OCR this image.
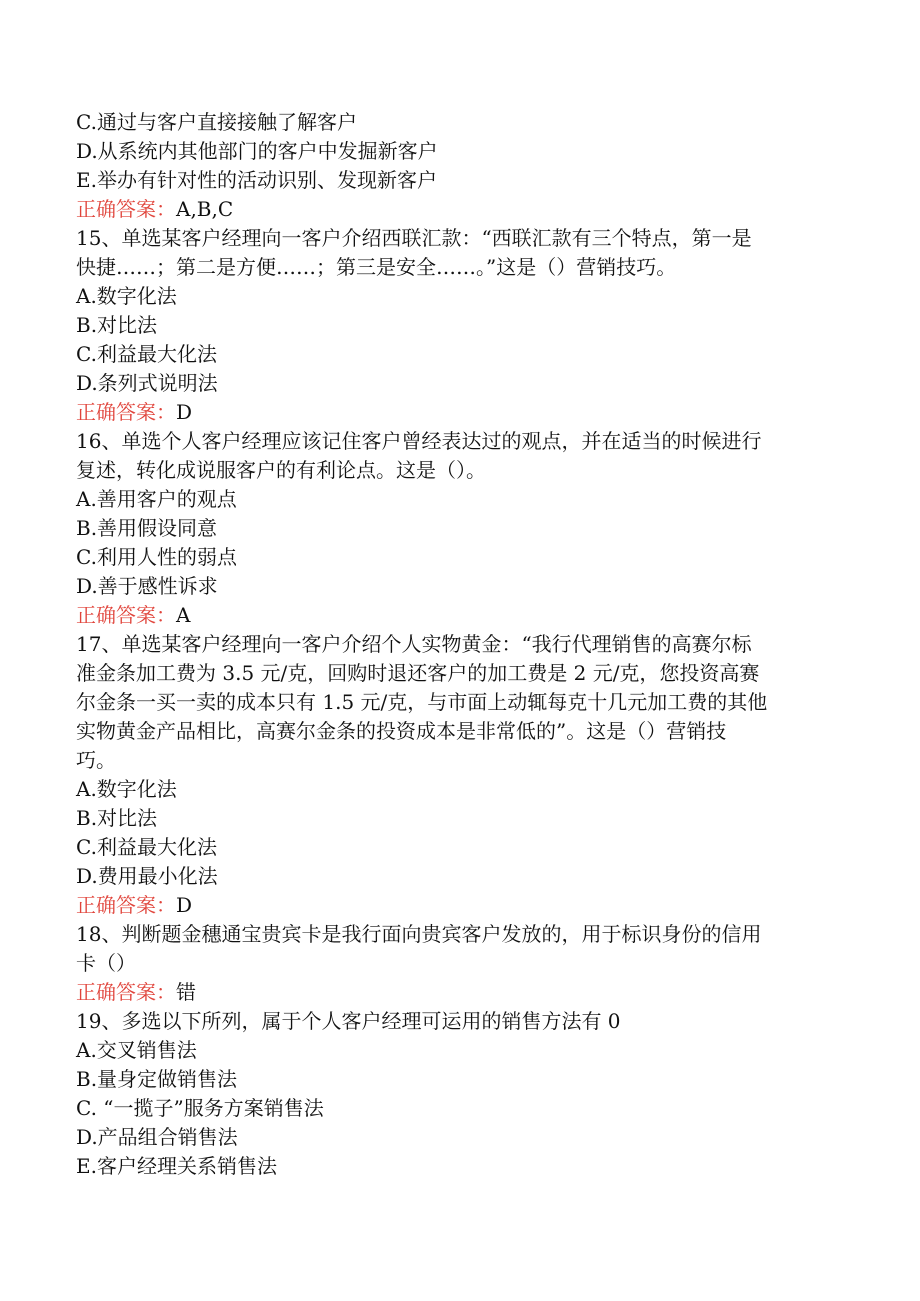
C.通过与客户直接接触了解客户
D.从系统内其他部门的客户中发掘新客户
E.举办有针对性的活动识别、发现新客户
正确答案：A,B,C
15、单选某客户经理向一客户介绍西联汇款：“西联汇款有三个特点，第一是
快捷……；第二是方便……；第三是安全……。”这是（）营销技巧。
A.数字化法
B.对比法
C.利益最大化法
D.条列式说明法
正确答案：D
16、单选个人客户经理应该记住客户曾经表达过的观点，并在适当的时候进行
复述，转化成说服客户的有利论点。这是（）。
A.善用客户的观点
B.善用假设同意
C.利用人性的弱点
D.善于感性诉求
正确答案：A
17、单选某客户经理向一客户介绍个人实物黄金：“我行代理销售的高赛尔标
准金条加工费为 3.5 元/克，回购时退还客户的加工费是 2 元/克，您投资高赛
尔金条一买一卖的成本只有 1.5 元/克，与市面上动辄每克十几元加工费的其他
实物黄金产品相比，高赛尔金条的投资成本是非常低的”。这是（）营销技
巧。
A.数字化法
B.对比法
C.利益最大化法
D.费用最小化法
正确答案：D
18、判断题金穗通宝贵宾卡是我行面向贵宾客户发放的，用于标识身份的信用
卡（）
正确答案：错
19、多选以下所列，属于个人客户经理可运用的销售方法有 0
A.交叉销售法
B.量身定做销售法
C. “一揽子”服务方案销售法
D.产品组合销售法
E.客户经理关系销售法
